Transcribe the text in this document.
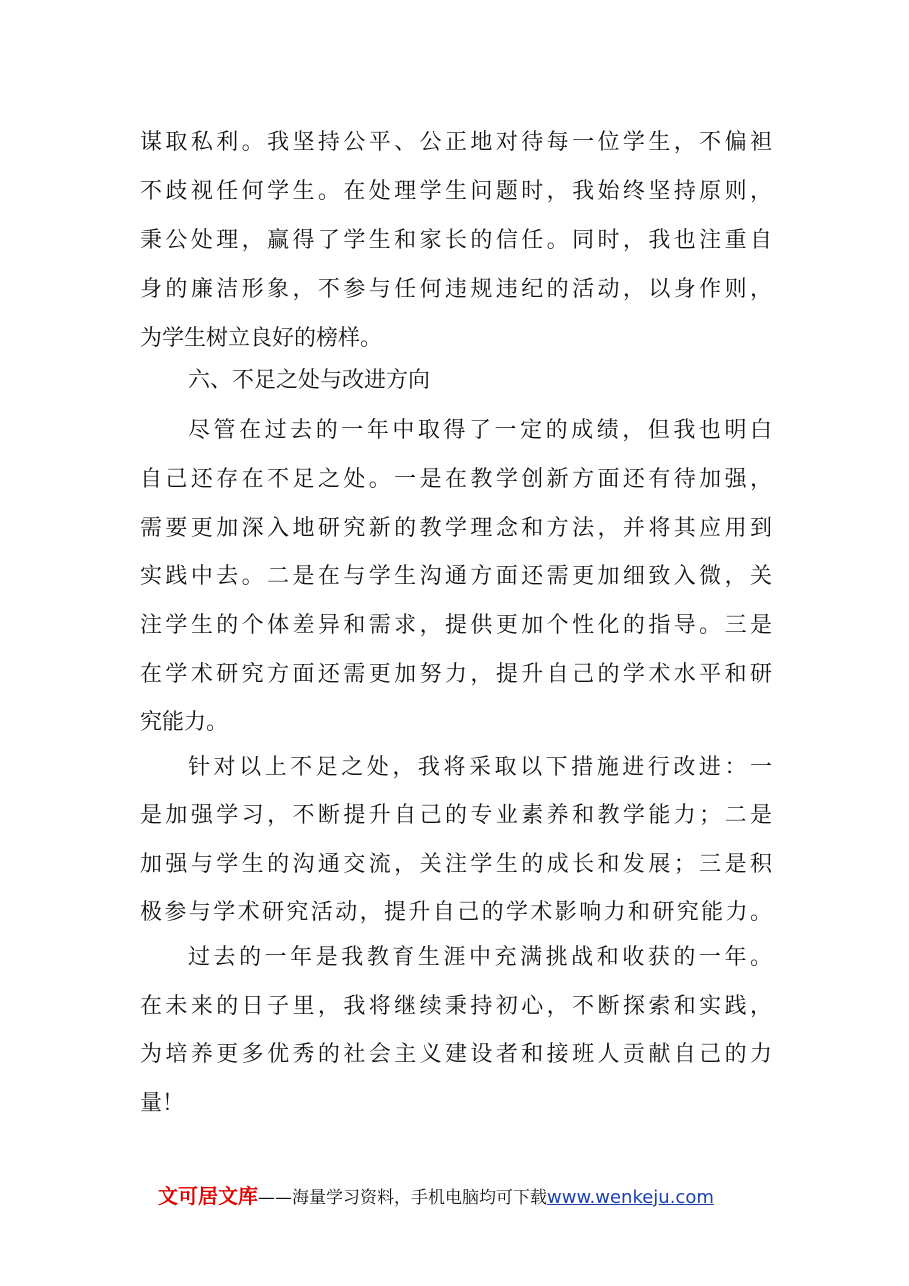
谋取私利。我坚持公平、公正地对待每一位学生，不偏袒
不歧视任何学生。在处理学生问题时，我始终坚持原则，
秉公处理，赢得了学生和家长的信任。同时，我也注重自
身的廉洁形象，不参与任何违规违纪的活动，以身作则，
为学生树立良好的榜样。
六、不足之处与改进方向
尽管在过去的一年中取得了一定的成绩，但我也明白
自己还存在不足之处。一是在教学创新方面还有待加强，
需要更加深入地研究新的教学理念和方法，并将其应用到
实践中去。二是在与学生沟通方面还需更加细致入微，关
注学生的个体差异和需求，提供更加个性化的指导。三是
在学术研究方面还需更加努力，提升自己的学术水平和研
究能力。
针对以上不足之处，我将采取以下措施进行改进：一
是加强学习，不断提升自己的专业素养和教学能力；二是
加强与学生的沟通交流，关注学生的成长和发展；三是积
极参与学术研究活动，提升自己的学术影响力和研究能力。
过去的一年是我教育生涯中充满挑战和收获的一年。
在未来的日子里，我将继续秉持初心，不断探索和实践，
为培养更多优秀的社会主义建设者和接班人贡献自己的力
量！
文可居文库——海量学习资料，手机电脑均可下载www.wenkeju.com
